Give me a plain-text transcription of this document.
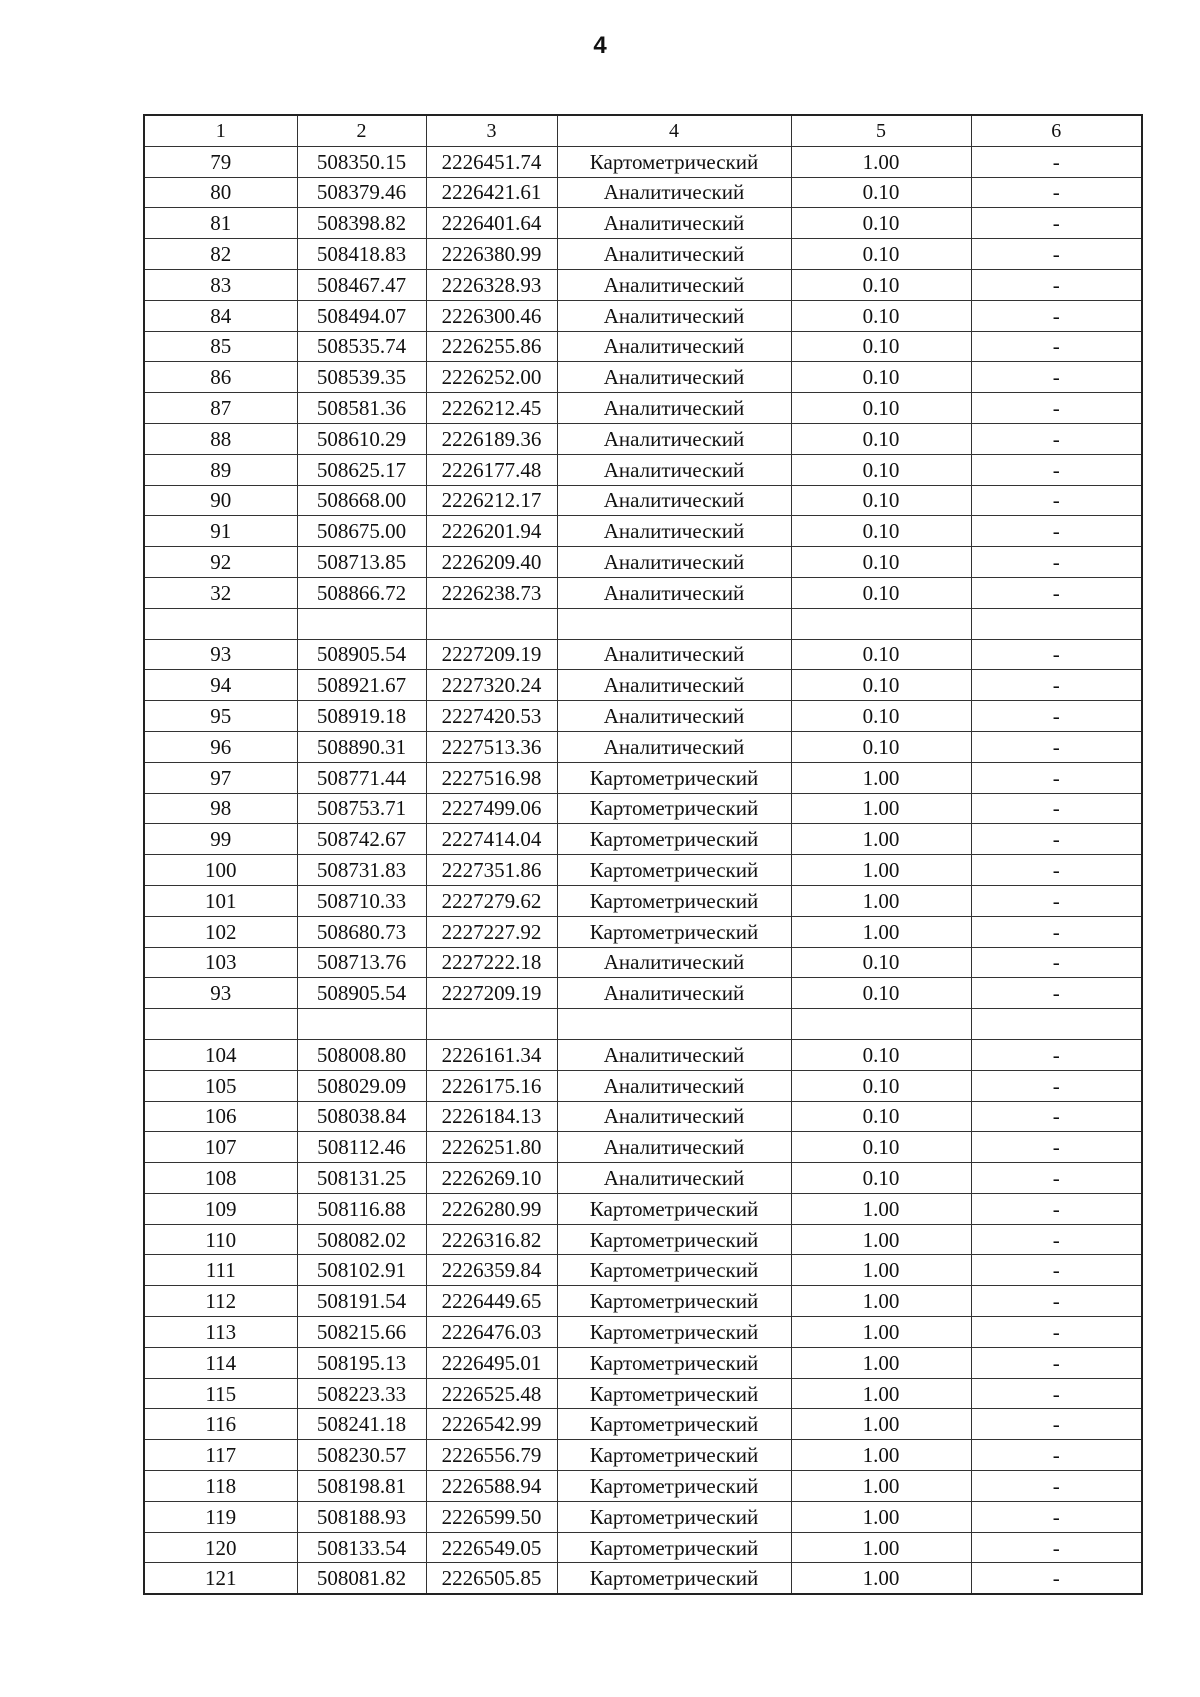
4
1	2	3	4	5	6
79	508350.15	2226451.74	Картометрический	1.00	-
80	508379.46	2226421.61	Аналитический	0.10	-
81	508398.82	2226401.64	Аналитический	0.10	-
82	508418.83	2226380.99	Аналитический	0.10	-
83	508467.47	2226328.93	Аналитический	0.10	-
84	508494.07	2226300.46	Аналитический	0.10	-
85	508535.74	2226255.86	Аналитический	0.10	-
86	508539.35	2226252.00	Аналитический	0.10	-
87	508581.36	2226212.45	Аналитический	0.10	-
88	508610.29	2226189.36	Аналитический	0.10	-
89	508625.17	2226177.48	Аналитический	0.10	-
90	508668.00	2226212.17	Аналитический	0.10	-
91	508675.00	2226201.94	Аналитический	0.10	-
92	508713.85	2226209.40	Аналитический	0.10	-
32	508866.72	2226238.73	Аналитический	0.10	-

93	508905.54	2227209.19	Аналитический	0.10	-
94	508921.67	2227320.24	Аналитический	0.10	-
95	508919.18	2227420.53	Аналитический	0.10	-
96	508890.31	2227513.36	Аналитический	0.10	-
97	508771.44	2227516.98	Картометрический	1.00	-
98	508753.71	2227499.06	Картометрический	1.00	-
99	508742.67	2227414.04	Картометрический	1.00	-
100	508731.83	2227351.86	Картометрический	1.00	-
101	508710.33	2227279.62	Картометрический	1.00	-
102	508680.73	2227227.92	Картометрический	1.00	-
103	508713.76	2227222.18	Аналитический	0.10	-
93	508905.54	2227209.19	Аналитический	0.10	-

104	508008.80	2226161.34	Аналитический	0.10	-
105	508029.09	2226175.16	Аналитический	0.10	-
106	508038.84	2226184.13	Аналитический	0.10	-
107	508112.46	2226251.80	Аналитический	0.10	-
108	508131.25	2226269.10	Аналитический	0.10	-
109	508116.88	2226280.99	Картометрический	1.00	-
110	508082.02	2226316.82	Картометрический	1.00	-
111	508102.91	2226359.84	Картометрический	1.00	-
112	508191.54	2226449.65	Картометрический	1.00	-
113	508215.66	2226476.03	Картометрический	1.00	-
114	508195.13	2226495.01	Картометрический	1.00	-
115	508223.33	2226525.48	Картометрический	1.00	-
116	508241.18	2226542.99	Картометрический	1.00	-
117	508230.57	2226556.79	Картометрический	1.00	-
118	508198.81	2226588.94	Картометрический	1.00	-
119	508188.93	2226599.50	Картометрический	1.00	-
120	508133.54	2226549.05	Картометрический	1.00	-
121	508081.82	2226505.85	Картометрический	1.00	-
